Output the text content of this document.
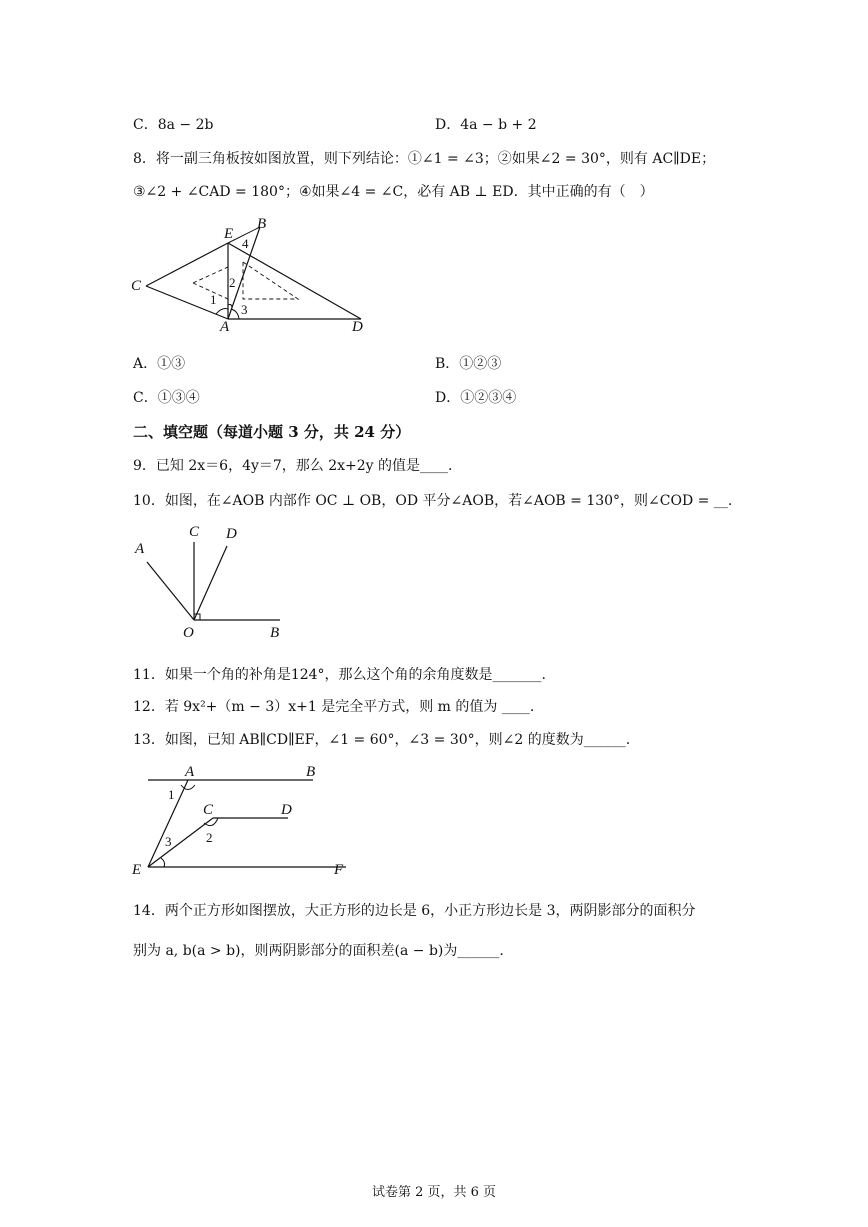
C．8a − 2b	D．4a − b + 2
8．将一副三角板按如图放置，则下列结论：①∠1 = ∠3；②如果∠2 = 30°，则有 AC∥DE；
③∠2 + ∠CAD = 180°；④如果∠4 = ∠C，必有 AB ⊥ ED．其中正确的有（　）
E
B
C
A	D
1
2
3
4
A．①③	B．①②③
C．①③④	D．①②③④
二、填空题（每道小题 3 分，共 24 分）
9．已知 2x＝6，4y＝7，那么 2x+2y 的值是____.
10．如图，在∠AOB 内部作 OC ⊥ OB，OD 平分∠AOB，若∠AOB = 130°，则∠COD = __.
A
C D
O	B
11．如果一个角的补角是124°，那么这个角的余角度数是_______.
12．若 9x²+（m − 3）x+1 是完全平方式，则 m 的值为 ____.
13．如图，已知 AB∥CD∥EF，∠1 = 60°，∠3 = 30°，则∠2 的度数为______.
A	B
C	D
E	F
1
2
3
14．两个正方形如图摆放，大正方形的边长是 6，小正方形边长是 3，两阴影部分的面积分
别为 a, b(a > b)，则两阴影部分的面积差(a − b)为______.
试卷第 2 页，共 6 页
